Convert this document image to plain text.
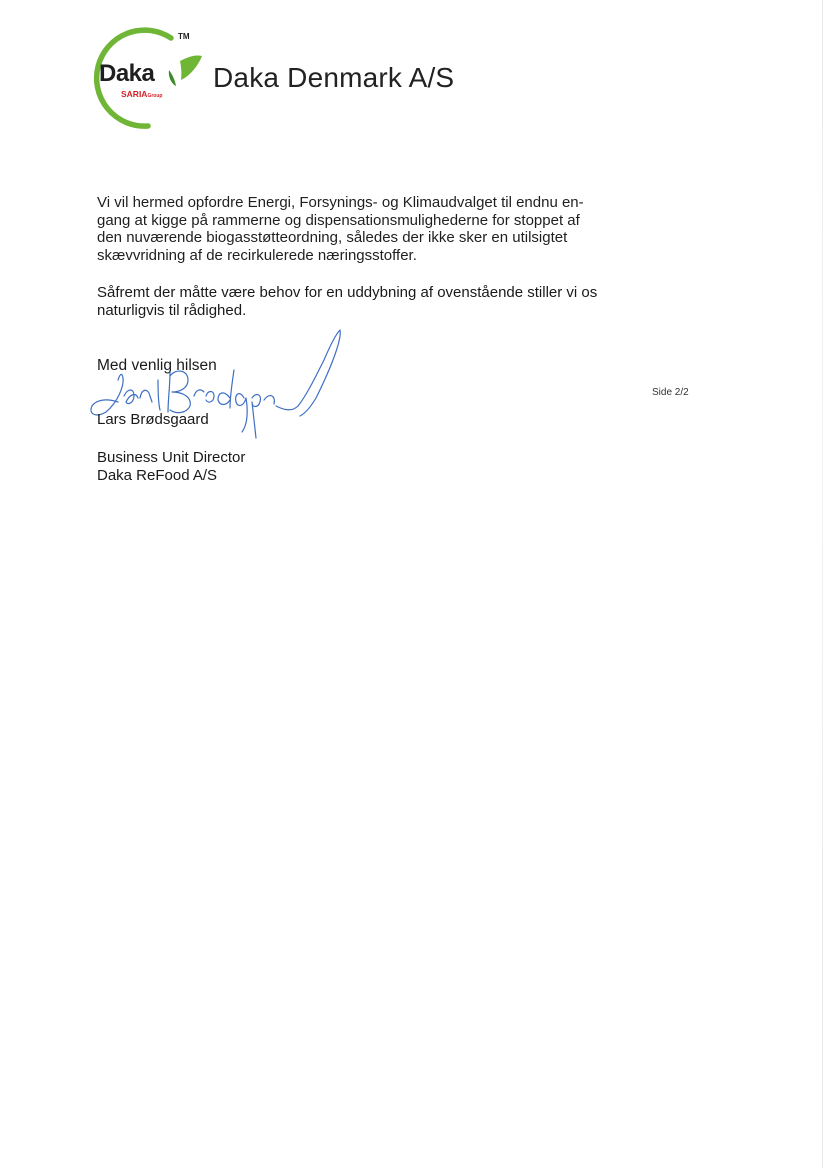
TM
Daka
SARIAGroup
Daka Denmark A/S

Vi vil hermed opfordre Energi, Forsynings- og Klimaudvalget til endnu en-

gang at kigge på rammerne og dispensationsmulighederne for stoppet af

den nuværende biogasstøtteordning, således der ikke sker en utilsigtet

skævvridning af de recirkulerede næringsstoffer.

Såfremt der måtte være behov for en uddybning af ovenstående stiller vi os

naturligvis til rådighed.

Med venlig hilsen
Lars Brødsgaard
Business Unit Director
Daka ReFood A/S
Side 2/2
